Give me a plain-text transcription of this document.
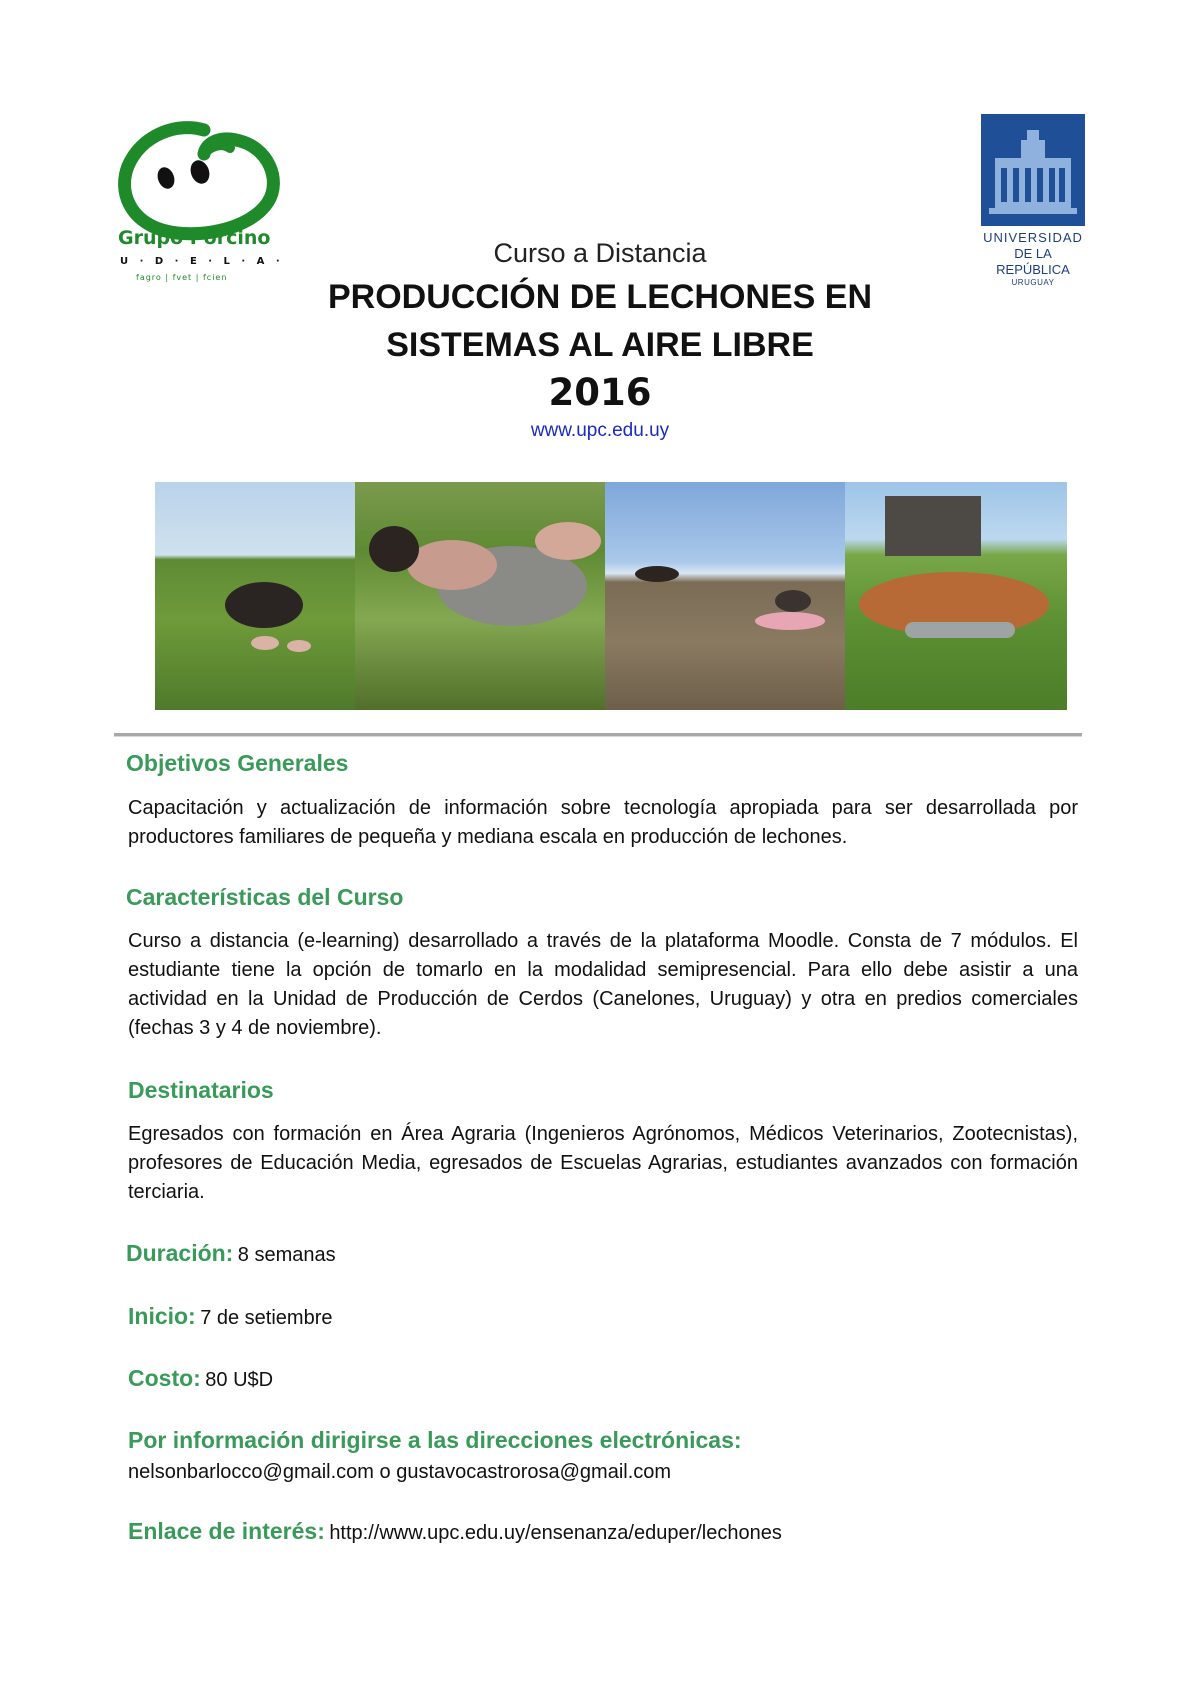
Grupo Porcino
U · D · E · L · A · R
fagro | fvet | fcien
UNIVERSIDAD
DE LA REPÚBLICA
URUGUAY
Curso a Distancia
PRODUCCIÓN DE LECHONES EN
SISTEMAS AL AIRE LIBRE
2016
www.upc.edu.uy
Objetivos Generales
Capacitación y actualización de información sobre tecnología apropiada para ser desarrollada por productores familiares de pequeña y mediana escala en producción de lechones.
Características del Curso
Curso a distancia (e-learning) desarrollado a través de la plataforma Moodle. Consta de 7 módulos. El estudiante tiene la opción de tomarlo en la modalidad semipresencial. Para ello debe asistir a una actividad en la Unidad de Producción de Cerdos (Canelones, Uruguay) y otra en predios comerciales (fechas 3 y 4 de noviembre).
Destinatarios
Egresados con formación en Área Agraria (Ingenieros Agrónomos, Médicos Veterinarios, Zootecnistas), profesores de Educación Media, egresados de Escuelas Agrarias, estudiantes avanzados con formación terciaria.
Duración: 8 semanas
Inicio: 7 de setiembre
Costo: 80 U$D
Por información dirigirse a las direcciones electrónicas:
nelsonbarlocco@gmail.com o gustavocastrorosa@gmail.com
Enlace de interés: http://www.upc.edu.uy/ensenanza/eduper/lechones
